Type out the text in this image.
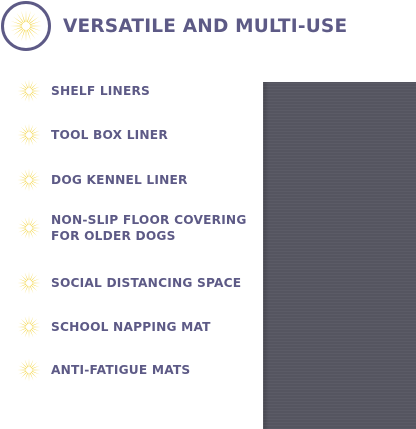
VERSATILE AND MULTI-USE
SHELF LINERS
TOOL BOX LINER
DOG KENNEL LINER
NON-SLIP FLOOR COVERING
FOR OLDER DOGS
SOCIAL DISTANCING SPACE
SCHOOL NAPPING MAT
ANTI-FATIGUE MATS
